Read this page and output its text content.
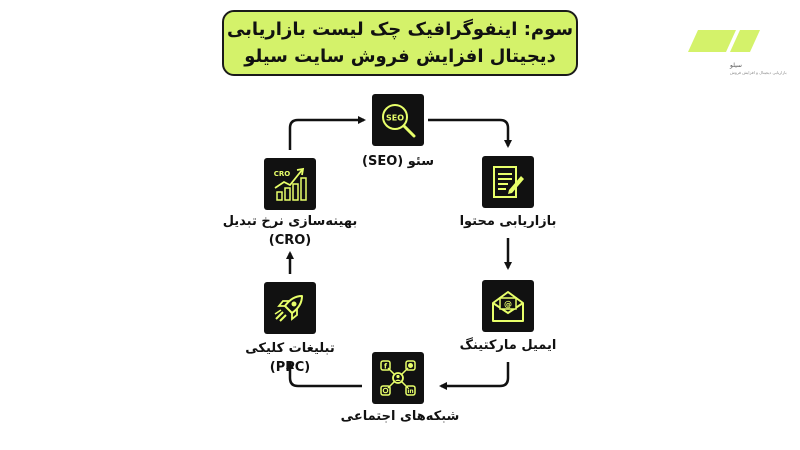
سوم: اینفوگرافیک چک لیست بازاریابی
دیجیتال افزایش فروش سایت سیلو	سیلو
بازاریابی دیجیتال و افزایش فروش
SEO
سئو (SEO)
بازاریابی محتوا
@
ایمیل مارکتینگ
f
in
شبکه‌های اجتماعی
تبلیغات کلیکی
(PPC)
CRO
بهینه‌سازی نرخ تبدیل
(CRO)
